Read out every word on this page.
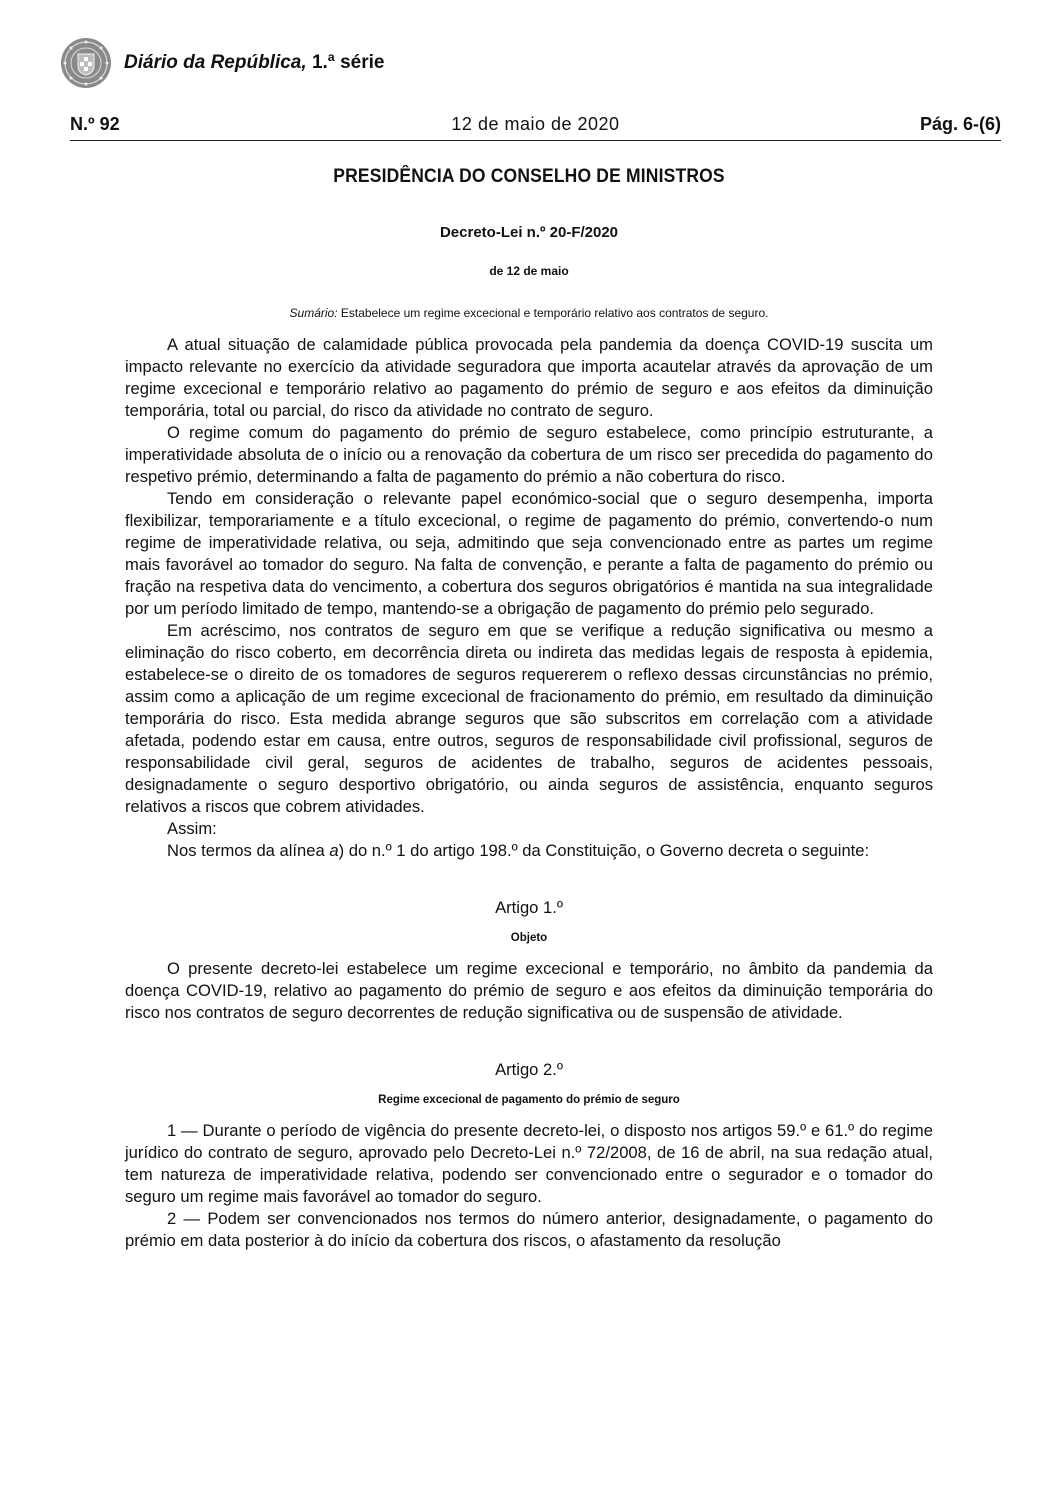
Diário da República, 1.ª série
N.º 92	12 de maio de 2020	Pág. 6-(6)
PRESIDÊNCIA DO CONSELHO DE MINISTROS
Decreto-Lei n.º 20-F/2020
de 12 de maio
Sumário: Estabelece um regime excecional e temporário relativo aos contratos de seguro.

A atual situação de calamidade pública provocada pela pandemia da doença COVID-19 suscita um impacto relevante no exercício da atividade seguradora que importa acautelar através da aprovação de um regime excecional e temporário relativo ao pagamento do prémio de seguro e aos efeitos da diminuição temporária, total ou parcial, do risco da atividade no contrato de seguro.

O regime comum do pagamento do prémio de seguro estabelece, como princípio estruturante, a imperatividade absoluta de o início ou a renovação da cobertura de um risco ser precedida do pagamento do respetivo prémio, determinando a falta de pagamento do prémio a não cobertura do risco.

Tendo em consideração o relevante papel económico-social que o seguro desempenha, importa flexibilizar, temporariamente e a título excecional, o regime de pagamento do prémio, convertendo-o num regime de imperatividade relativa, ou seja, admitindo que seja convencionado entre as partes um regime mais favorável ao tomador do seguro. Na falta de convenção, e perante a falta de pagamento do prémio ou fração na respetiva data do vencimento, a cobertura dos seguros obrigatórios é mantida na sua integralidade por um período limitado de tempo, mantendo-se a obrigação de pagamento do prémio pelo segurado.

Em acréscimo, nos contratos de seguro em que se verifique a redução significativa ou mesmo a eliminação do risco coberto, em decorrência direta ou indireta das medidas legais de resposta à epidemia, estabelece-se o direito de os tomadores de seguros requererem o reflexo dessas circunstâncias no prémio, assim como a aplicação de um regime excecional de fracionamento do prémio, em resultado da diminuição temporária do risco. Esta medida abrange seguros que são subscritos em correlação com a atividade afetada, podendo estar em causa, entre outros, seguros de responsabilidade civil profissional, seguros de responsabilidade civil geral, seguros de acidentes de trabalho, seguros de acidentes pessoais, designadamente o seguro desportivo obrigatório, ou ainda seguros de assistência, enquanto seguros relativos a riscos que cobrem atividades.

Assim:

Nos termos da alínea a) do n.º 1 do artigo 198.º da Constituição, o Governo decreta o seguinte:

Artigo 1.º
Objeto

O presente decreto-lei estabelece um regime excecional e temporário, no âmbito da pandemia da doença COVID-19, relativo ao pagamento do prémio de seguro e aos efeitos da diminuição temporária do risco nos contratos de seguro decorrentes de redução significativa ou de suspensão de atividade.

Artigo 2.º
Regime excecional de pagamento do prémio de seguro

1 — Durante o período de vigência do presente decreto-lei, o disposto nos artigos 59.º e 61.º do regime jurídico do contrato de seguro, aprovado pelo Decreto-Lei n.º 72/2008, de 16 de abril, na sua redação atual, tem natureza de imperatividade relativa, podendo ser convencionado entre o segurador e o tomador do seguro um regime mais favorável ao tomador do seguro.

2 — Podem ser convencionados nos termos do número anterior, designadamente, o pagamento do prémio em data posterior à do início da cobertura dos riscos, o afastamento da resolução
